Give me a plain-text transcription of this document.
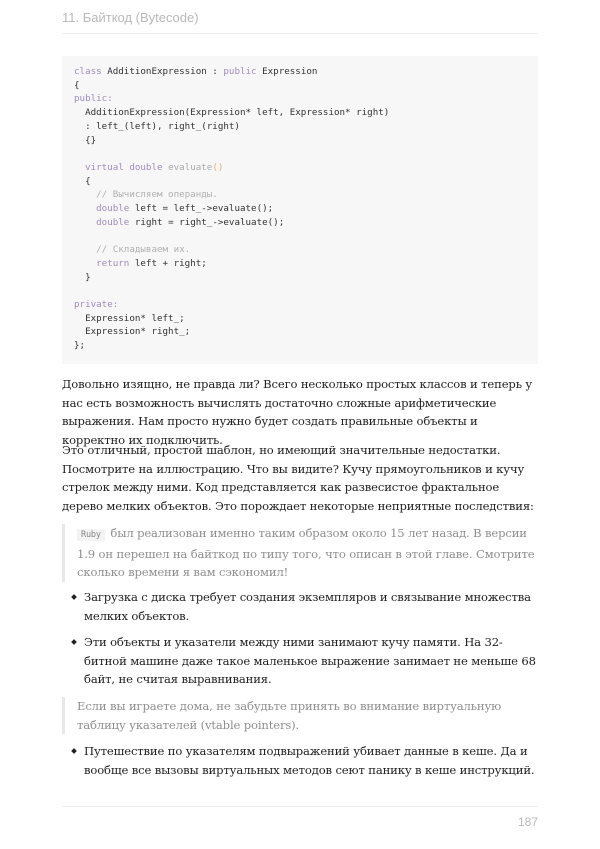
11. Байткод (Bytecode)
class AdditionExpression : public Expression
{
public:
AdditionExpression(Expression* left, Expression* right)
: left_(left), right_(right)
{}

virtual double evaluate()
{
// Вычисляем операнды.
double left = left_->evaluate();
double right = right_->evaluate();

// Складываем их.
return left + right;
}

private:
Expression* left_;
Expression* right_;
};

Довольно изящно, не правда ли? Всего несколько простых классов и теперь у нас есть возможность вычислять достаточно сложные арифметические выражения. Нам просто нужно будет создать правильные объекты и корректно их подключить.

Это отличный, простой шаблон, но имеющий значительные недостатки. Посмотрите на иллюстрацию. Что вы видите? Кучу прямоугольников и кучу стрелок между ними. Код представляется как развесистое фрактальное дерево мелких объектов. Это порождает некоторые неприятные последствия:

Ruby был реализован именно таким образом около 15 лет назад. В версии 1.9 он перешел на байткод по типу того, что описан в этой главе. Смотрите сколько времени я вам сэкономил!
Загрузка с диска требует создания экземпляров и связывание множества мелких объектов.
Эти объекты и указатели между ними занимают кучу памяти. На 32-битной машине даже такое маленькое выражение занимает не меньше 68 байт, не считая выравнивания.
Если вы играете дома, не забудьте принять во внимание виртуальную таблицу указателей (vtable pointers).
Путешествие по указателям подвыражений убивает данные в кеше. Да и вообще все вызовы виртуальных методов сеют панику в кеше инструкций.
187
